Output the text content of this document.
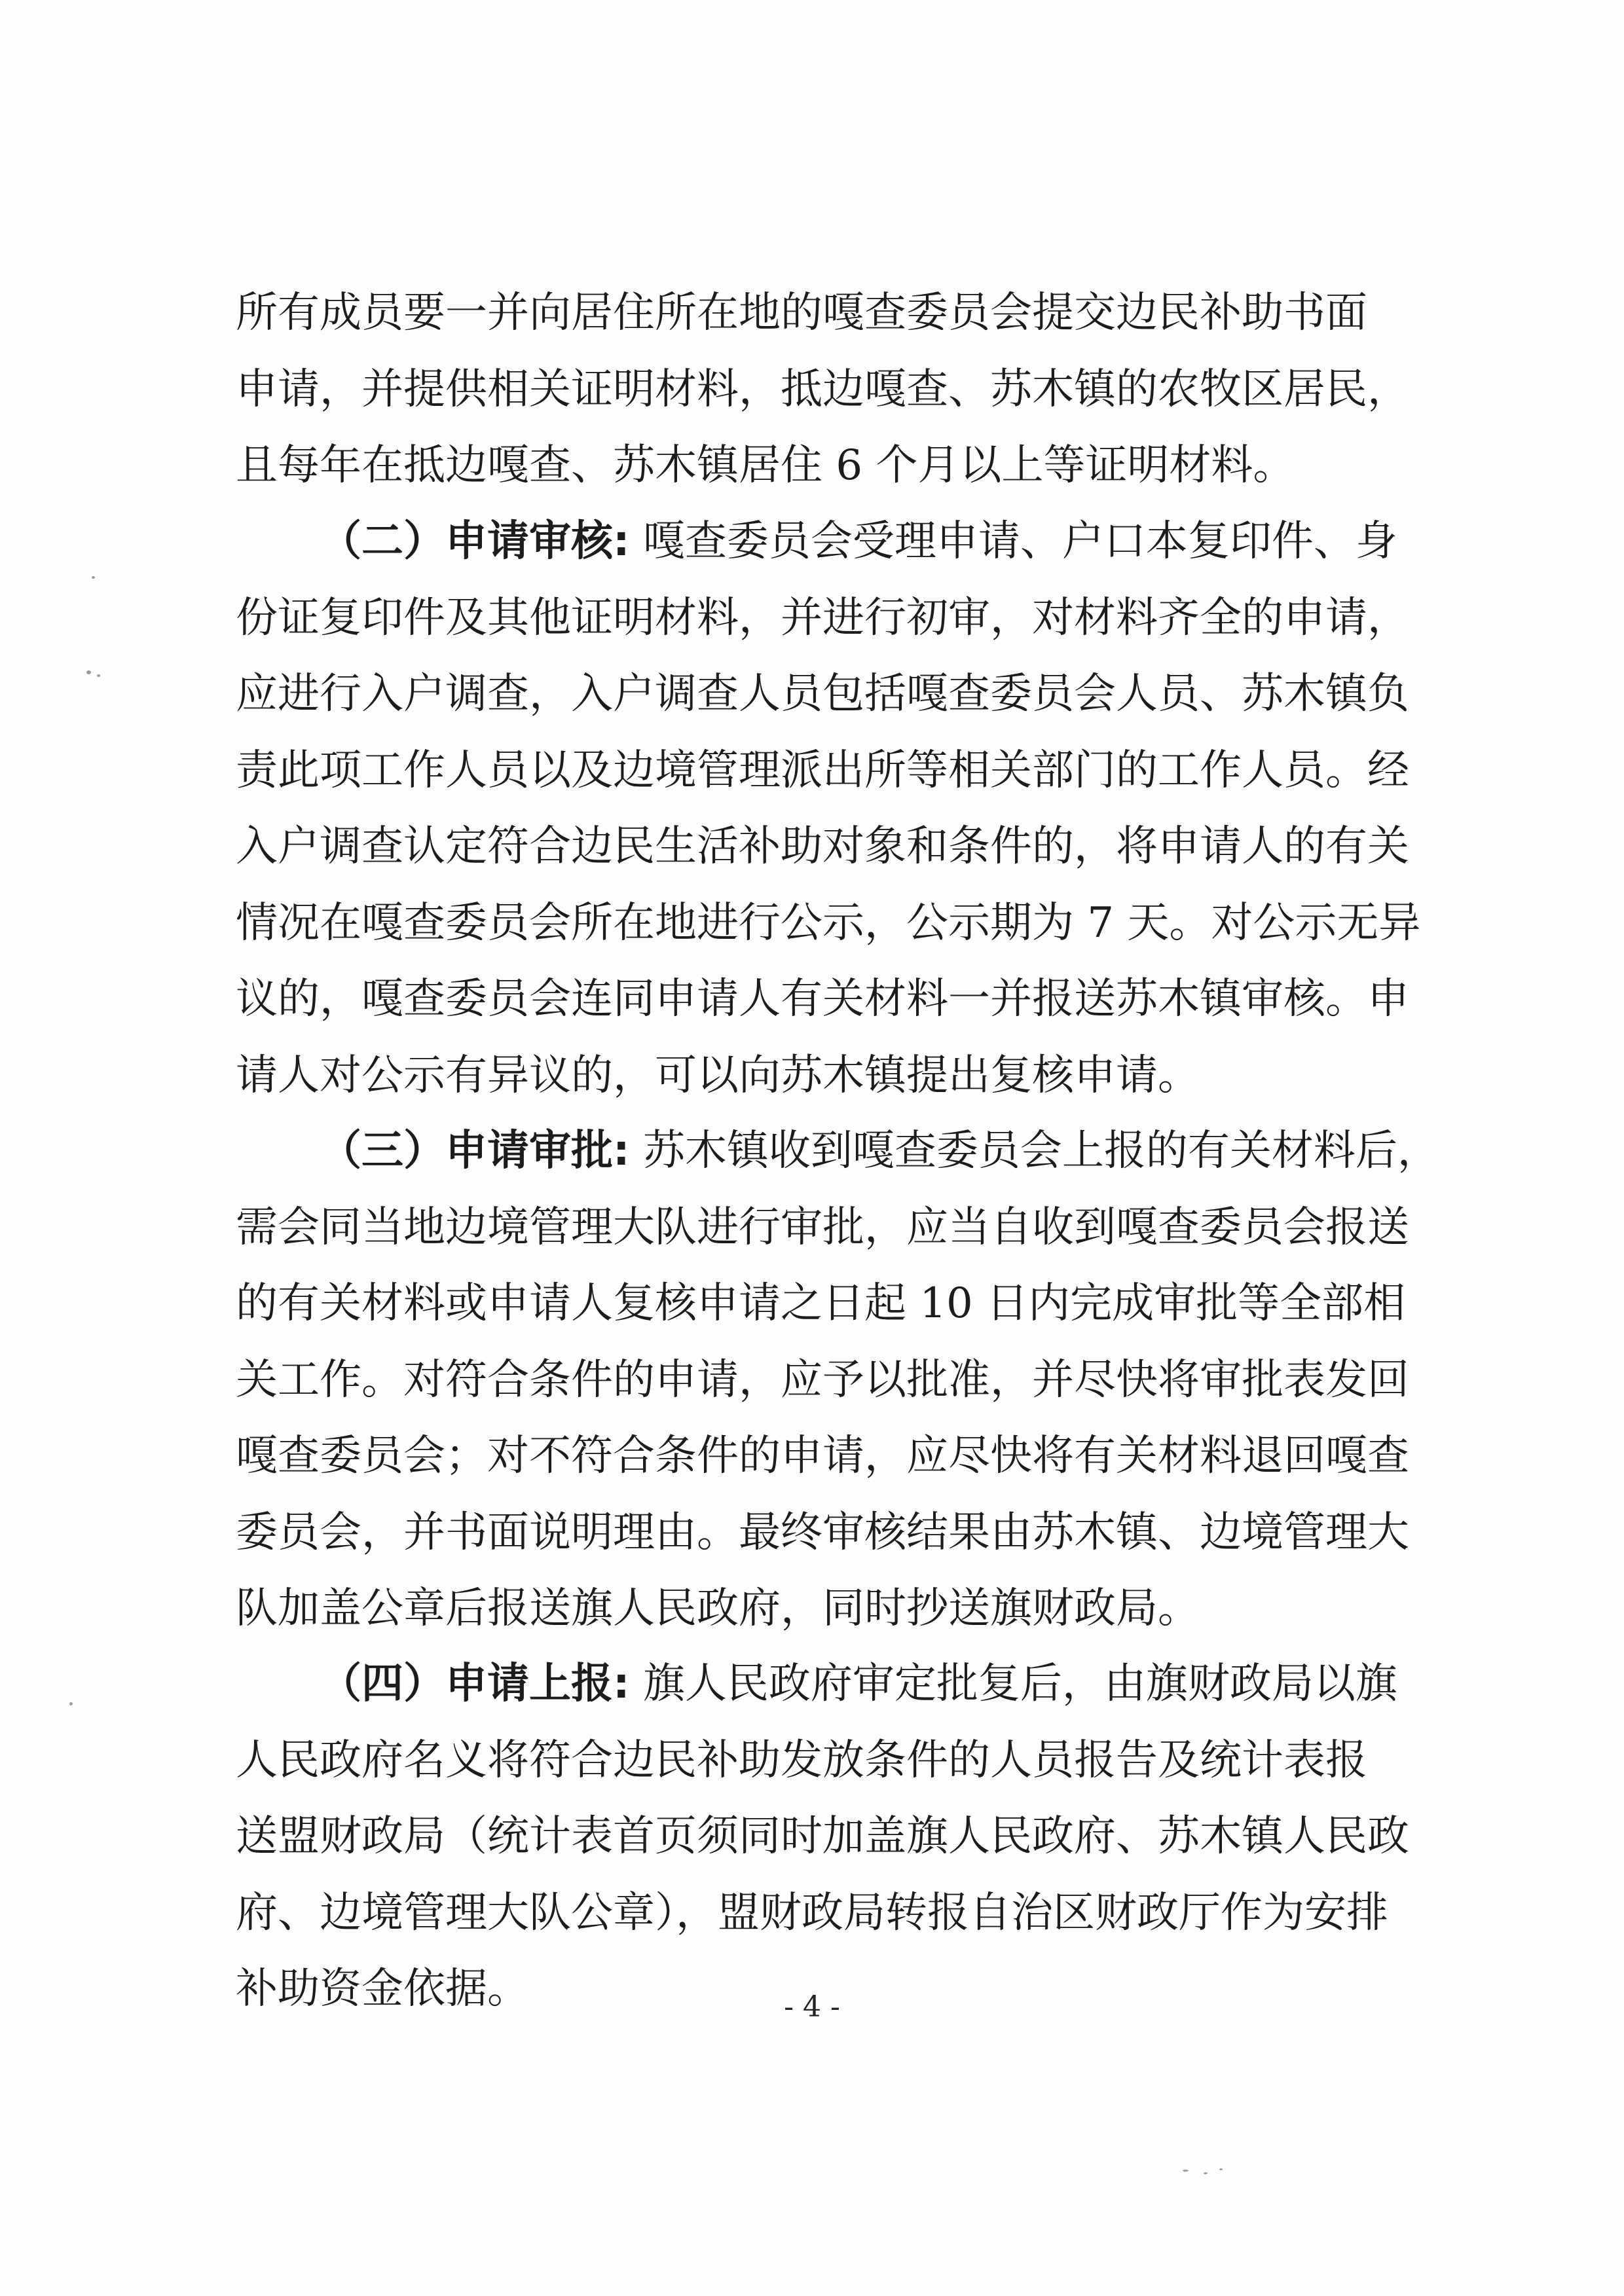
所有成员要一并向居住所在地的嘎查委员会提交边民补助书面
申请，并提供相关证明材料，抵边嘎查、苏木镇的农牧区居民，
且每年在抵边嘎查、苏木镇居住 6 个月以上等证明材料。
（二）申请审核: 嘎查委员会受理申请、户口本复印件、身
份证复印件及其他证明材料，并进行初审，对材料齐全的申请，
应进行入户调查，入户调查人员包括嘎查委员会人员、苏木镇负
责此项工作人员以及边境管理派出所等相关部门的工作人员。经
入户调查认定符合边民生活补助对象和条件的，将申请人的有关
情况在嘎查委员会所在地进行公示，公示期为 7 天。对公示无异
议的，嘎查委员会连同申请人有关材料一并报送苏木镇审核。申
请人对公示有异议的，可以向苏木镇提出复核申请。
（三）申请审批: 苏木镇收到嘎查委员会上报的有关材料后，
需会同当地边境管理大队进行审批，应当自收到嘎查委员会报送
的有关材料或申请人复核申请之日起 10 日内完成审批等全部相
关工作。对符合条件的申请，应予以批准，并尽快将审批表发回
嘎查委员会；对不符合条件的申请，应尽快将有关材料退回嘎查
委员会，并书面说明理由。最终审核结果由苏木镇、边境管理大
队加盖公章后报送旗人民政府，同时抄送旗财政局。
（四）申请上报: 旗人民政府审定批复后，由旗财政局以旗
人民政府名义将符合边民补助发放条件的人员报告及统计表报
送盟财政局（统计表首页须同时加盖旗人民政府、苏木镇人民政
府、边境管理大队公章），盟财政局转报自治区财政厅作为安排
补助资金依据。	- 4 -
